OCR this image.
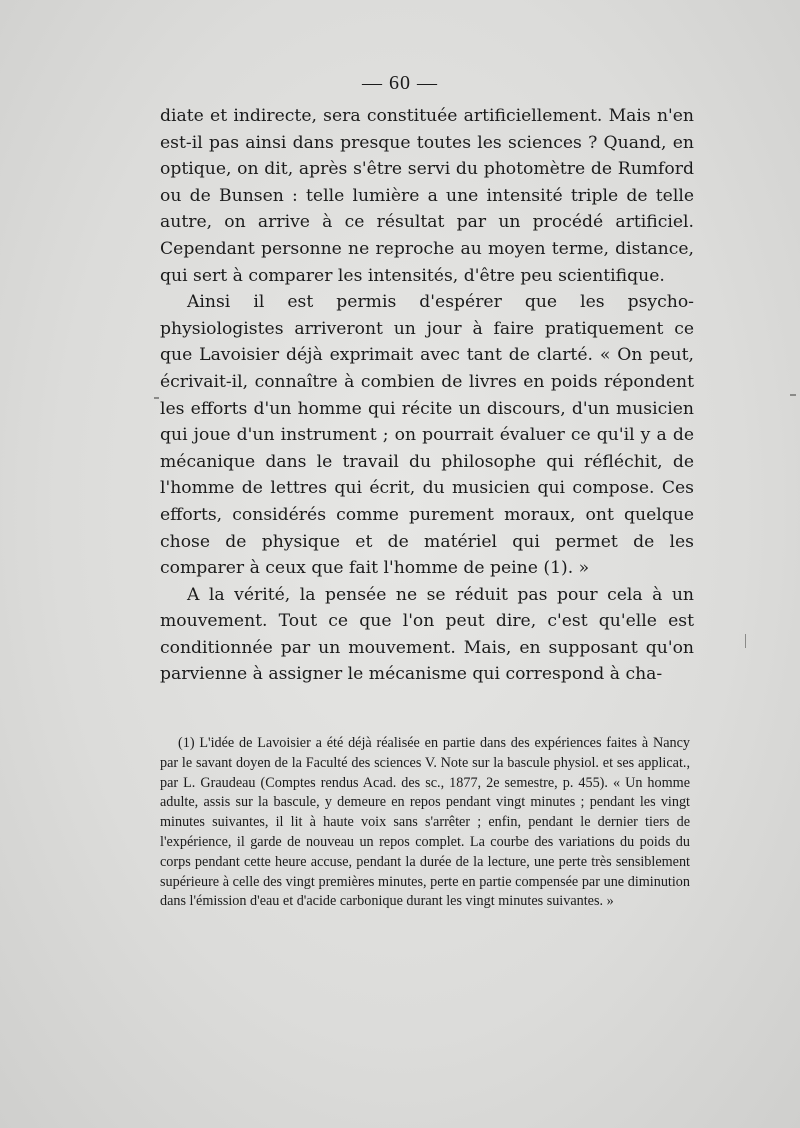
— 60 —

diate et indirecte, sera constituée artificiellement. Mais n'en est-il pas ainsi dans presque toutes les sciences ? Quand, en optique, on dit, après s'être servi du photomètre de Rumford ou de Bunsen : telle lumière a une intensité triple de telle autre, on arrive à ce résultat par un procédé artificiel. Cependant personne ne reproche au moyen terme, distance, qui sert à comparer les intensités, d'être peu scientifique.

Ainsi il est permis d'espérer que les psycho-physiologistes arriveront un jour à faire pratiquement ce que Lavoisier déjà exprimait avec tant de clarté. « On peut, écrivait-il, connaître à combien de livres en poids répondent les efforts d'un homme qui récite un discours, d'un musicien qui joue d'un instrument ; on pourrait évaluer ce qu'il y a de mécanique dans le travail du philosophe qui réfléchit, de l'homme de lettres qui écrit, du musicien qui compose. Ces efforts, considérés comme purement moraux, ont quelque chose de physique et de matériel qui permet de les comparer à ceux que fait l'homme de peine (1). »

A la vérité, la pensée ne se réduit pas pour cela à un mouvement. Tout ce que l'on peut dire, c'est qu'elle est conditionnée par un mouvement. Mais, en supposant qu'on parvienne à assigner le mécanisme qui correspond à cha-

(1) L'idée de Lavoisier a été déjà réalisée en partie dans des expériences faites à Nancy par le savant doyen de la Faculté des sciences V. Note sur la bascule physiol. et ses applicat., par L. Graudeau (Comptes rendus Acad. des sc., 1877, 2e semestre, p. 455). « Un homme adulte, assis sur la bascule, y demeure en repos pendant vingt minutes ; pendant les vingt minutes suivantes, il lit à haute voix sans s'arrêter ; enfin, pendant le dernier tiers de l'expérience, il garde de nouveau un repos complet. La courbe des variations du poids du corps pendant cette heure accuse, pendant la durée de la lecture, une perte très sensiblement supérieure à celle des vingt premières minutes, perte en partie compensée par une diminution dans l'émission d'eau et d'acide carbonique durant les vingt minutes suivantes. »
